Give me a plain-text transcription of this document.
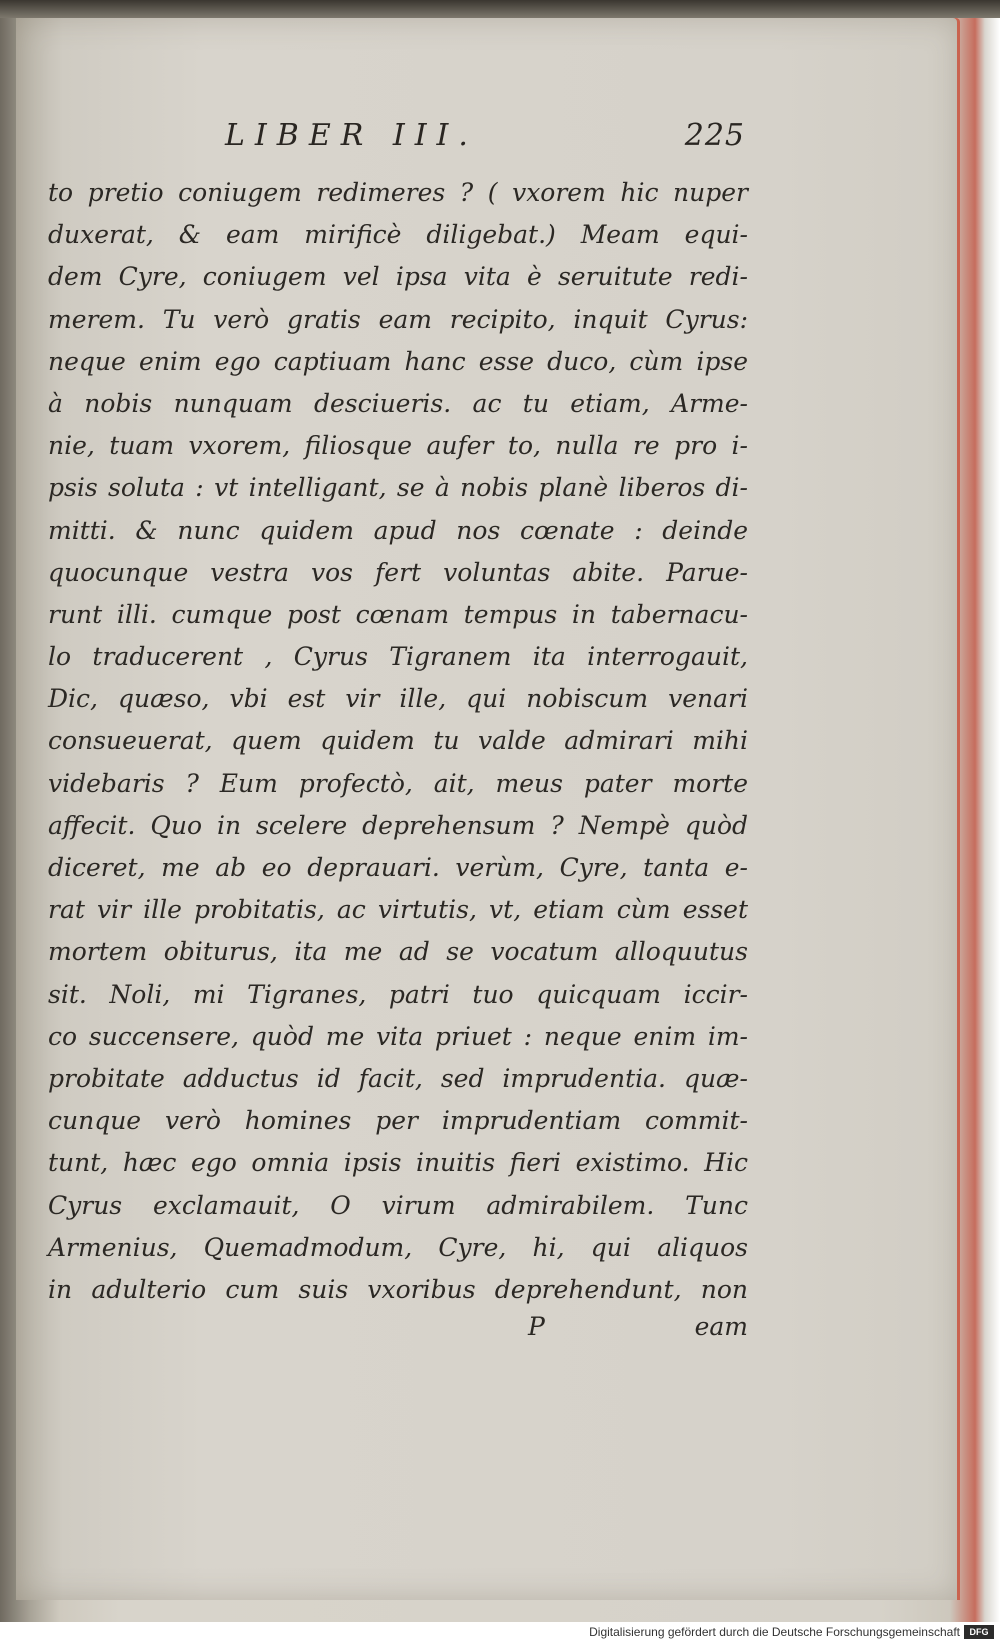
LIBER III.	225
to pretio coniugem redimeres ? ( vxorem hic nuper
duxerat, & eam mirificè diligebat.) Meam equi-
dem Cyre, coniugem vel ipsa vita è seruitute redi-
merem. Tu verò gratis eam recipito, inquit Cyrus:
neque enim ego captiuam hanc esse duco, cùm ipse
à nobis nunquam desciueris. ac tu etiam, Arme-
nie, tuam vxorem, filiosque aufer to, nulla re pro i-
psis soluta : vt intelligant, se à nobis planè liberos di-
mitti. & nunc quidem apud nos cœnate : deinde
quocunque vestra vos fert voluntas abite. Parue-
runt illi. cumque post cœnam tempus in tabernacu-
lo traducerent , Cyrus Tigranem ita interrogauit,
Dic, quæso, vbi est vir ille, qui nobiscum venari
consueuerat, quem quidem tu valde admirari mihi
videbaris ? Eum profectò, ait, meus pater morte
affecit. Quo in scelere deprehensum ? Nempè quòd
diceret, me ab eo deprauari. verùm, Cyre, tanta e-
rat vir ille probitatis, ac virtutis, vt, etiam cùm esset
mortem obiturus, ita me ad se vocatum alloquutus
sit. Noli, mi Tigranes, patri tuo quicquam iccir-
co succensere, quòd me vita priuet : neque enim im-
probitate adductus id facit, sed imprudentia. quæ-
cunque verò homines per imprudentiam commit-
tunt, hæc ego omnia ipsis inuitis fieri existimo. Hic
Cyrus exclamauit, O virum admirabilem. Tunc
Armenius, Quemadmodum, Cyre, hi, qui aliquos
in adulterio cum suis vxoribus deprehendunt, non
P	eam
Digitalisierung gefördert durch die Deutsche Forschungsgemeinschaft	DFG
